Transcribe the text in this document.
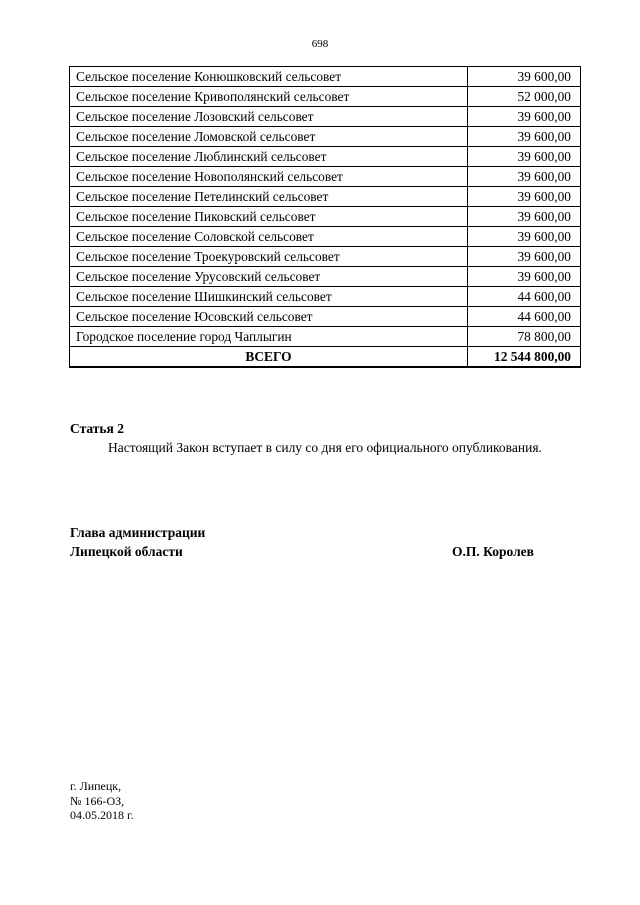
698
Сельское поселение Конюшковский сельсовет	39 600,00
Сельское поселение Кривополянский сельсовет	52 000,00
Сельское поселение Лозовский сельсовет	39 600,00
Сельское поселение Ломовской сельсовет	39 600,00
Сельское поселение Люблинский сельсовет	39 600,00
Сельское поселение Новополянский сельсовет	39 600,00
Сельское поселение Петелинский сельсовет	39 600,00
Сельское поселение Пиковский сельсовет	39 600,00
Сельское поселение Соловской сельсовет	39 600,00
Сельское поселение Троекуровский сельсовет	39 600,00
Сельское поселение Урусовский сельсовет	39 600,00
Сельское поселение Шишкинский сельсовет	44 600,00
Сельское поселение Юсовский сельсовет	44 600,00
Городское поселение город Чаплыгин	78 800,00
ВСЕГО	12 544 800,00
Статья 2
Настоящий Закон вступает в силу со дня его официального опубликования.
Глава администрации
Липецкой области	О.П. Королев
г. Липецк,
№ 166-ОЗ,
04.05.2018 г.
